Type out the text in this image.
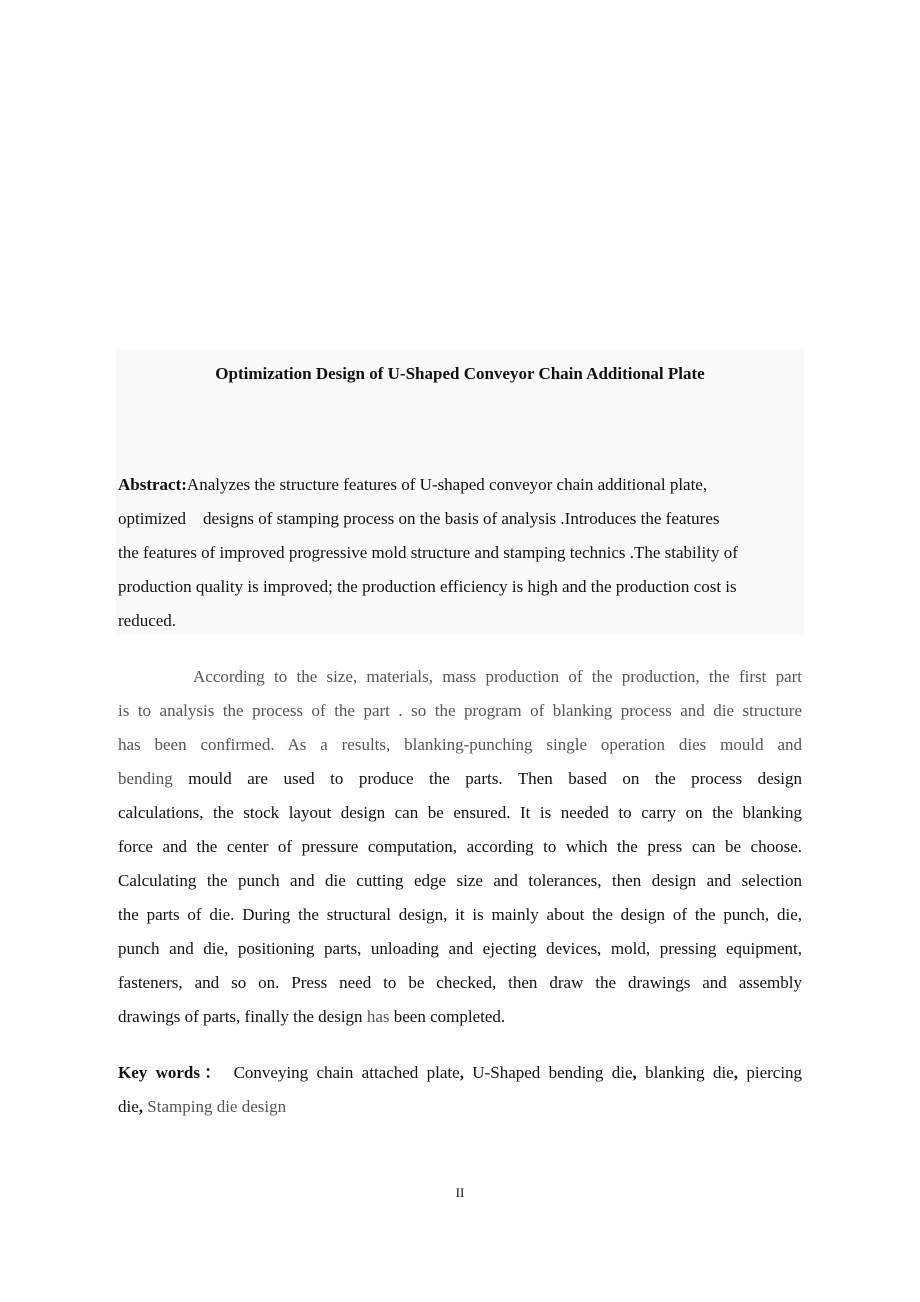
Optimization Design of U-Shaped Conveyor Chain Additional Plate
Abstract:Analyzes the structure features of U-shaped conveyor chain additional plate,
optimized    designs of stamping process on the basis of analysis .Introduces the features
the features of improved progressive mold structure and stamping technics .The stability of
production quality is improved; the production efficiency is high and the production cost is
reduced.
According to the size, materials, mass production of the production, the first part
is to analysis the process of the part . so the program of blanking process and die structure
has been confirmed. As a results, blanking-punching single operation dies mould and
bending mould are used to produce the parts. Then based on the process design
calculations, the stock layout design can be ensured. It is needed to carry on the blanking
force and the center of pressure computation, according to which the press can be choose.
Calculating the punch and die cutting edge size and tolerances, then design and selection
the parts of die. During the structural design, it is mainly about the design of the punch, die,
punch and die, positioning parts, unloading and ejecting devices, mold, pressing equipment,
fasteners, and so on. Press need to be checked, then draw the drawings and assembly
drawings of parts, finally the design has been completed.
Key words： Conveying chain attached plate, U-Shaped bending die, blanking die, piercing
die, Stamping die design
II
